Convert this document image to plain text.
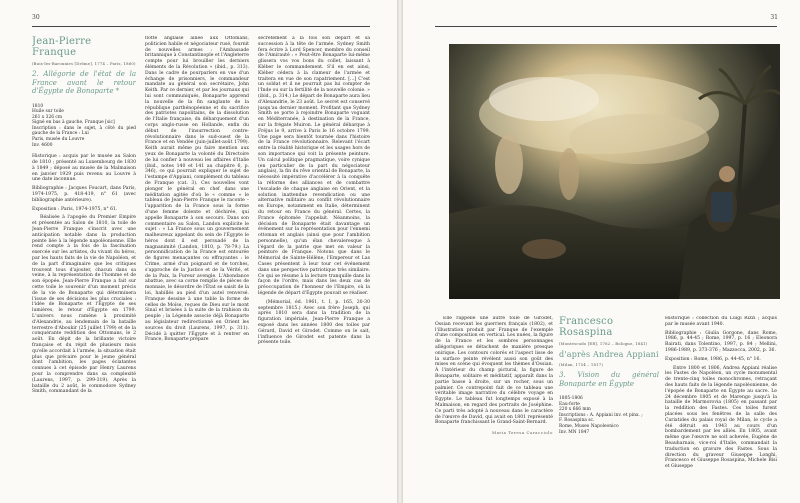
30
Jean-Pierre Franque
(Buis-les-Baronnies [Drôme], 1774 – Paris, 1860)
2. Allégorie de l'état de la France avant le retour d'Égypte de Bonaparte *
1810
Huile sur toile
261 x 326 cm
Signé en bas à gauche, Franque [sic]
Inscription : dans le sujet, à côté du pied gauche de la France : Lui
Paris, musée du Louvre
Inv. 4600

Historique : acquis par le musée au Salon de 1810 ; présenté au Luxembourg de 1830 à 1849 ; déposé au musée de la Malmaison en janvier 1929 puis revenu au Louvre à une date inconnue.

Bibliographie : Jacques Foucart, dans Paris, 1974-1975, p. 418-419, n° 61 (avec bibliographie antérieure).

Exposition : Paris, 1974-1975, n° 61.

Réalisée à l'apogée du Premier Empire et présentée au Salon de 1810, la toile de Jean-Pierre Franque s'inscrit avec une anticipation notable dans la production peinte liée à la légende napoléonienne. Elle rend compte à la fois de la fascination exercée sur les artistes, du vivant du héros, par les hauts faits de la vie de Napoléon, et de la part d'imaginaire que les critiques trouvent tous d'ajouter, chacun dans sa veine, à la représentation de l'homme et de son épopée. Jean-Pierre Franque a fait sur cette toile le souvenir d'un moment précis de la vie de Bonaparte qui déterminera l'issue de ses décisions les plus cruciales : l'idée de Bonaparte et l'Égypte de ses lumières, le retour d'Égypte en 1799. L'univers nous ramène à proximité d'Alexandrie, au lendemain de la bataille terrestre d'Aboukir (25 juillet 1799) et de la conquérante reddition des Ottomans, le 2 août. En dépit de la brillante victoire française et du répit de plusieurs mois qu'elle accordait à l'armée, la situation était plus que précaire pour le jeune général dont l'ambition, les pages éclatantes connues à cet épisode par Henry Laurens pour la comprendre dans sa complexité (Laurens, 1997, p. 299-319). Après la bataille du 2 août, le commodore Sydney Smith, commandant de la

flotte anglaise alliée aux Ottomans, politicien habile et négociateur rusé, fournit de nouvelles armes : l'Ambassade britannique à Constantinople et l'Angleterre compte pour lui brouiller les derniers éléments de la Révolution « (ibid., p. 313). Dans le cadre de pourparlers en vue d'un échange de prisonniers, le commandeur mandate au général son secrétaire, John Keith. Par ce dernier, et par les journaux qui lui sont communiqués, Bonaparte apprend la nouvelle de la fin sanglante de la république parthénopéenne et du sacrifice des patriotes napolitains, de la dissolution de l'Italie française, du débarquement d'un corps anglo-russe en Hollande, enfin du début de l'insurrection contre-révolutionnaire dans le sud-ouest de la France et en Vendée (juin-juillet-août 1799). Keith aurait même pu faire mention aux yeux de Bonaparte la volonté du Directoire de lui confier à nouveau les affaires d'Italie (ibid., notes 140 et 141 au chapitre 6, p. 346), ce qui pourrait expliquer le sujet de l'estampe d'Appiani, complément du tableau de Franque (cat. 3). Ces nouvelles vont plonger le général en chef dans une méditation agitée d'où le « comme » le tableau de Jean-Pierre Franque le raconte – l'apparition de la France sous la forme d'une femme dolente et déchirée, qui appelle Bonaparte à son secours. Dans son commentaire au Salon, Landon explicite le sujet : « La France sous un gouvernement malheureux appelant du sein de l'Égypte le héros dont il est persuadé de la magnanimité (Landon, 1810, p. 78-79.) La personnification de la France est entourée de figures menaçantes ou effrayantes : le Crime, armé d'un poignard et de torches, s'approche de la Justice et de la Vérité, et de la Paix, la Fureur avengle. L'Abondance abattue, avec sa corne remplie de pièces de monnaie, le désordre de l'État se saisit de la loi, habillés au pied d'un autel renversé. Franque dessine à une table la forme de celles de Moïse, reçues de Dieu sur le mont Sinaï et brisées à la suite de la trahison du peuple ; la Légende associe déjà Bonaparte au législateur redirectionné en Orient les sources du droit (Laurens, 1997, p. 311). Décidé à quitter l'Égypte et à rentrer en France, Bonaparte prépare

secrètement à la fois son départ et sa succession à la tête de l'armée. Sydney Smith fera écrire à Lord Spencer, membre du conseil de l'Amirauté : « Peut-être Bonaparte lui-même glissera vos vos bons du collet, laissant à Kléber le commandement. S'il en est ainsi, Kléber cédera à la clameur de l'armée et traitera en vue de son rapatriement. [...] C'est un soldat et il ne pourrait pas lui compter de l'Inde ou sur la fertilité de la nouvelle colonie. » (ibid., p. 314.) Le départ de Bonaparte aura lieu d'Alexandrie, le 23 août. Le secret est conservé jusqu'au dernier moment. Profitant que Sydney Smith se porte à rejoindre Bonaparte voguant en Méditerranée, à destination de la France, sur la frégate Muiron. Le général débarque à Fréjus le 9, arrive à Paris le 16 octobre 1799. Une page sera bientôt tournée dans l'histoire de la France révolutionnaire. Relevant l'écart entre la réalité historique et les usages hors de son importance qui voit la présente peinture. Un calcul politique pragmatique, voire cynique (en particulier de la part du négociateur anglais), la fin du rêve oriental de Bonaparte, la nécessité impérative d'accélérer à la conquête la réforme des alliances et de combattre l'escalade de chaque anglaise en Orient, et la solution inattendue revendication ou une alternative militaire au conflit révolutionnaire en Europe, notamment en Italie, déterminent du retour en France du général. Certes, la France épitomée l'appelait. Néanmoins, la décision de Bonaparte était davantage un événement sur la représentation pour l'ennemi ottoman et anglais (ainsi que pour l'ambition personnelle), qu'un élan chevaleresque à l'égard de la patrie que met en valeur la peinture de Franque. Notons que dans le Mémorial de Sainte-Hélène, l'Empereur et Las Cases présentent à leur tour cet événement dans une perspective patriotique très similaire. Ce qui se résume à la lecture tranquille dans la façon de l'ordre, mais dans les deux cas de préoccupation de l'honneur de l'Empire, où la légende de départ d'Égypte pouvait se réaliser.

(Mémorial, éd. 1961, t. I, p. 165, 20-30 septembre 1815.) Avec son frère Joseph, qui après 1810 sera dans la tradition de la figuration impériale, Jean-Pierre Franque a exposé dans les années 1800 des toiles par Gérard, David et Girodet. Comme on le sait, l'influence de Girodet est patente dans la présente toile.

31

Elle rappelle une autre toile de Girodet, Ossian recevant les guerriers français (1802), et l'illustration produit par Franque de l'exemple d'une composition en vertical. Les nuées, la figure de la France et les sombres personnages allégoriques se détachent de manière presque onirique. Les contours colorés et l'aspect lisse de la surface peinte révèlent aussi son goût des mises en scène qui évoquent les thèmes d'Ossian. À l'intérieur du champ pictural, la figure de Bonaparte, solitaire et méditatif, apparaît dans la partie basse à droite, sur un rocher, sous un palmier. Ce contrepoint fait de ce tableau une véritable image narrative du célèbre voyage en Égypte. Le tableau fut longtemps exposé à la Malmaison, en regard des portraits de Joséphine. Ce parti très adopté à nouveau dans le caractère de l'œuvre de David, qui avait en 1801 représenté Bonaparte franchissant le Grand-Saint-Bernard.

Maria Teresa Caracciolo
Francesco Rosaspina
(Montescudo [ER], 1762 – Bologne, 1841)
d'après Andrea Appiani
(Milan, 1754 – 1817)
3. Vision du général Bonaparte en Égypte
1805-1806
Eau-forte
220 x 666 mm
Inscriptions : A. Appiani inv. et pinx. ;
F. Rosaspina sc.
Rome, Museo Napoleonico
Inv. MN 1847

Historique : collection du Luigi Rizzi ; acquis par le musée avant 1940.

Bibliographie : Giulia Gorgone, dans Rome, 1986, p. 44-45 ; Rome, 1997, p. 16 ; Eleonora Bairati, dans Tolentino, 1997, p. 84 ; Mellini, 1986-1989, p. 373-376 ; Mazzocca, 2002, p. 36.

Exposition : Rome, 1986, p. 44-45, n° 16.

Entre 1800 et 1806, Andrea Appiani réalise les Fastes de Napoléon, un cycle monumental de trente-cinq toiles monochromes, retraçant des hauts faits de la légende napoléonienne, de l'épopée de Bonaparte en Égypte au sacre. Le 24 décembre 1805 et de Marengo jusqu'à la bataille de Marmorovia (1805) en passant par la reddition des Fastes. Ces toiles furent placées sous les fenêtres de la salle des Cariatides du palais royal de Milan, le cycle a été détruit en 1943 au cours d'un bombardement par les alliés. En 1805, avant même que l'œuvre ne soit achevée, Eugène de Beauharnais, vice-roi d'Italie, commandait la traduction en gravure des Fastes. Sous la direction du graveur Giuseppe Longhi, Francesco et Giuseppe Rosaspina, Michele Bisi et Giuseppe
